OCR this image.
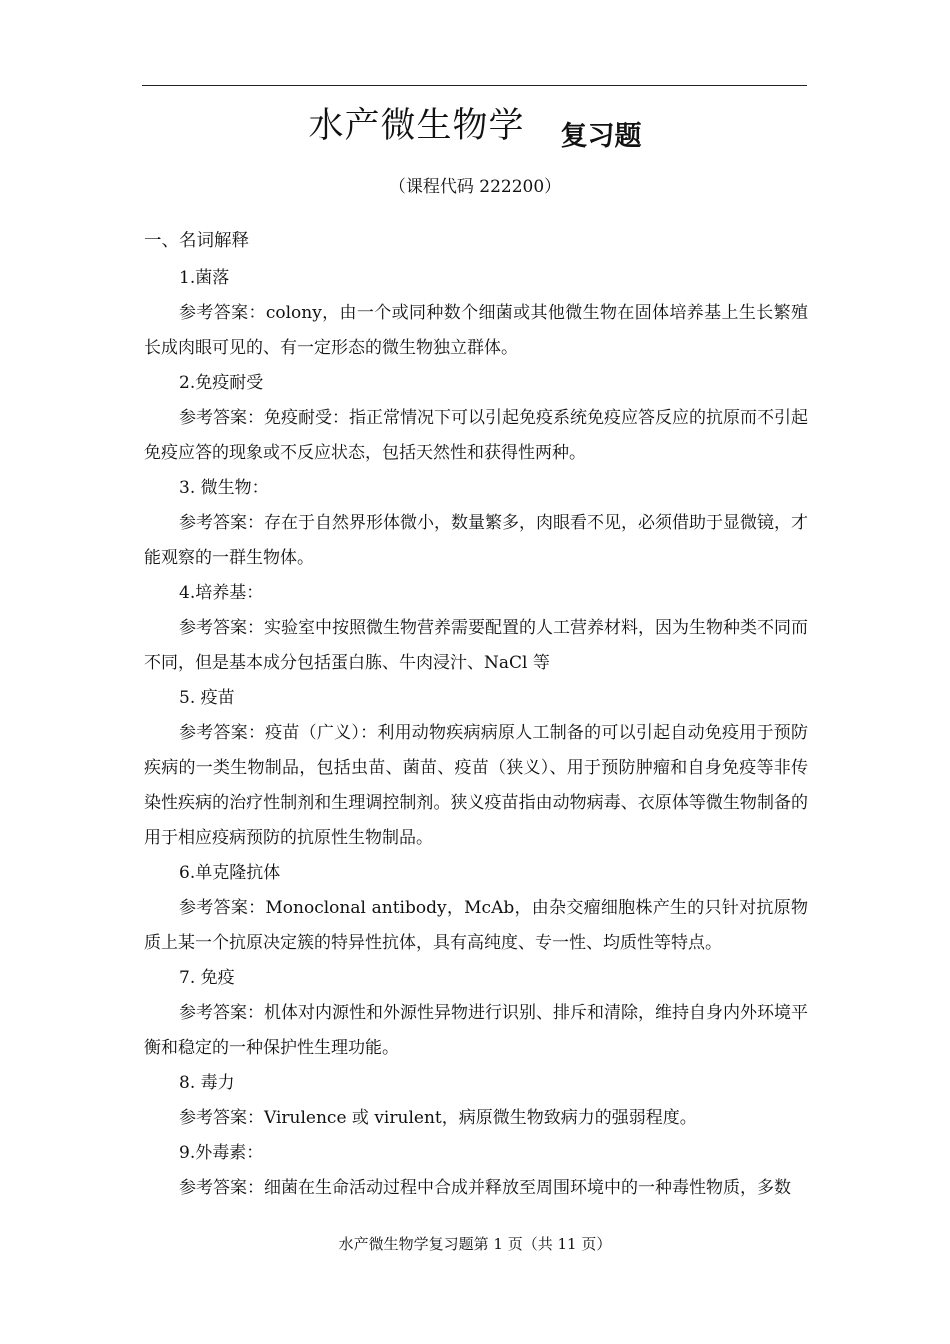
水产微生物学 复习题
（课程代码 222200）
一、名词解释

1.菌落

参考答案：colony，由一个或同种数个细菌或其他微生物在固体培养基上生长繁殖长成肉眼可见的、有一定形态的微生物独立群体。

2.免疫耐受

参考答案：免疫耐受：指正常情况下可以引起免疫系统免疫应答反应的抗原而不引起免疫应答的现象或不反应状态，包括天然性和获得性两种。

3. 微生物：

参考答案：存在于自然界形体微小，数量繁多，肉眼看不见，必须借助于显微镜，才能观察的一群生物体。

4.培养基：

参考答案：实验室中按照微生物营养需要配置的人工营养材料，因为生物种类不同而不同，但是基本成分包括蛋白胨、牛肉浸汁、NaCl 等

5. 疫苗

参考答案：疫苗（广义）：利用动物疾病病原人工制备的可以引起自动免疫用于预防疾病的一类生物制品，包括虫苗、菌苗、疫苗（狭义）、用于预防肿瘤和自身免疫等非传染性疾病的治疗性制剂和生理调控制剂。狭义疫苗指由动物病毒、衣原体等微生物制备的用于相应疫病预防的抗原性生物制品。

6.单克隆抗体

参考答案：Monoclonal antibody，McAb，由杂交瘤细胞株产生的只针对抗原物质上某一个抗原决定簇的特异性抗体，具有高纯度、专一性、均质性等特点。

7. 免疫

参考答案：机体对内源性和外源性异物进行识别、排斥和清除，维持自身内外环境平衡和稳定的一种保护性生理功能。

8. 毒力

参考答案：Virulence 或 virulent，病原微生物致病力的强弱程度。

9.外毒素：

参考答案：细菌在生命活动过程中合成并释放至周围环境中的一种毒性物质，多数

水产微生物学复习题第 1 页（共 11 页）
